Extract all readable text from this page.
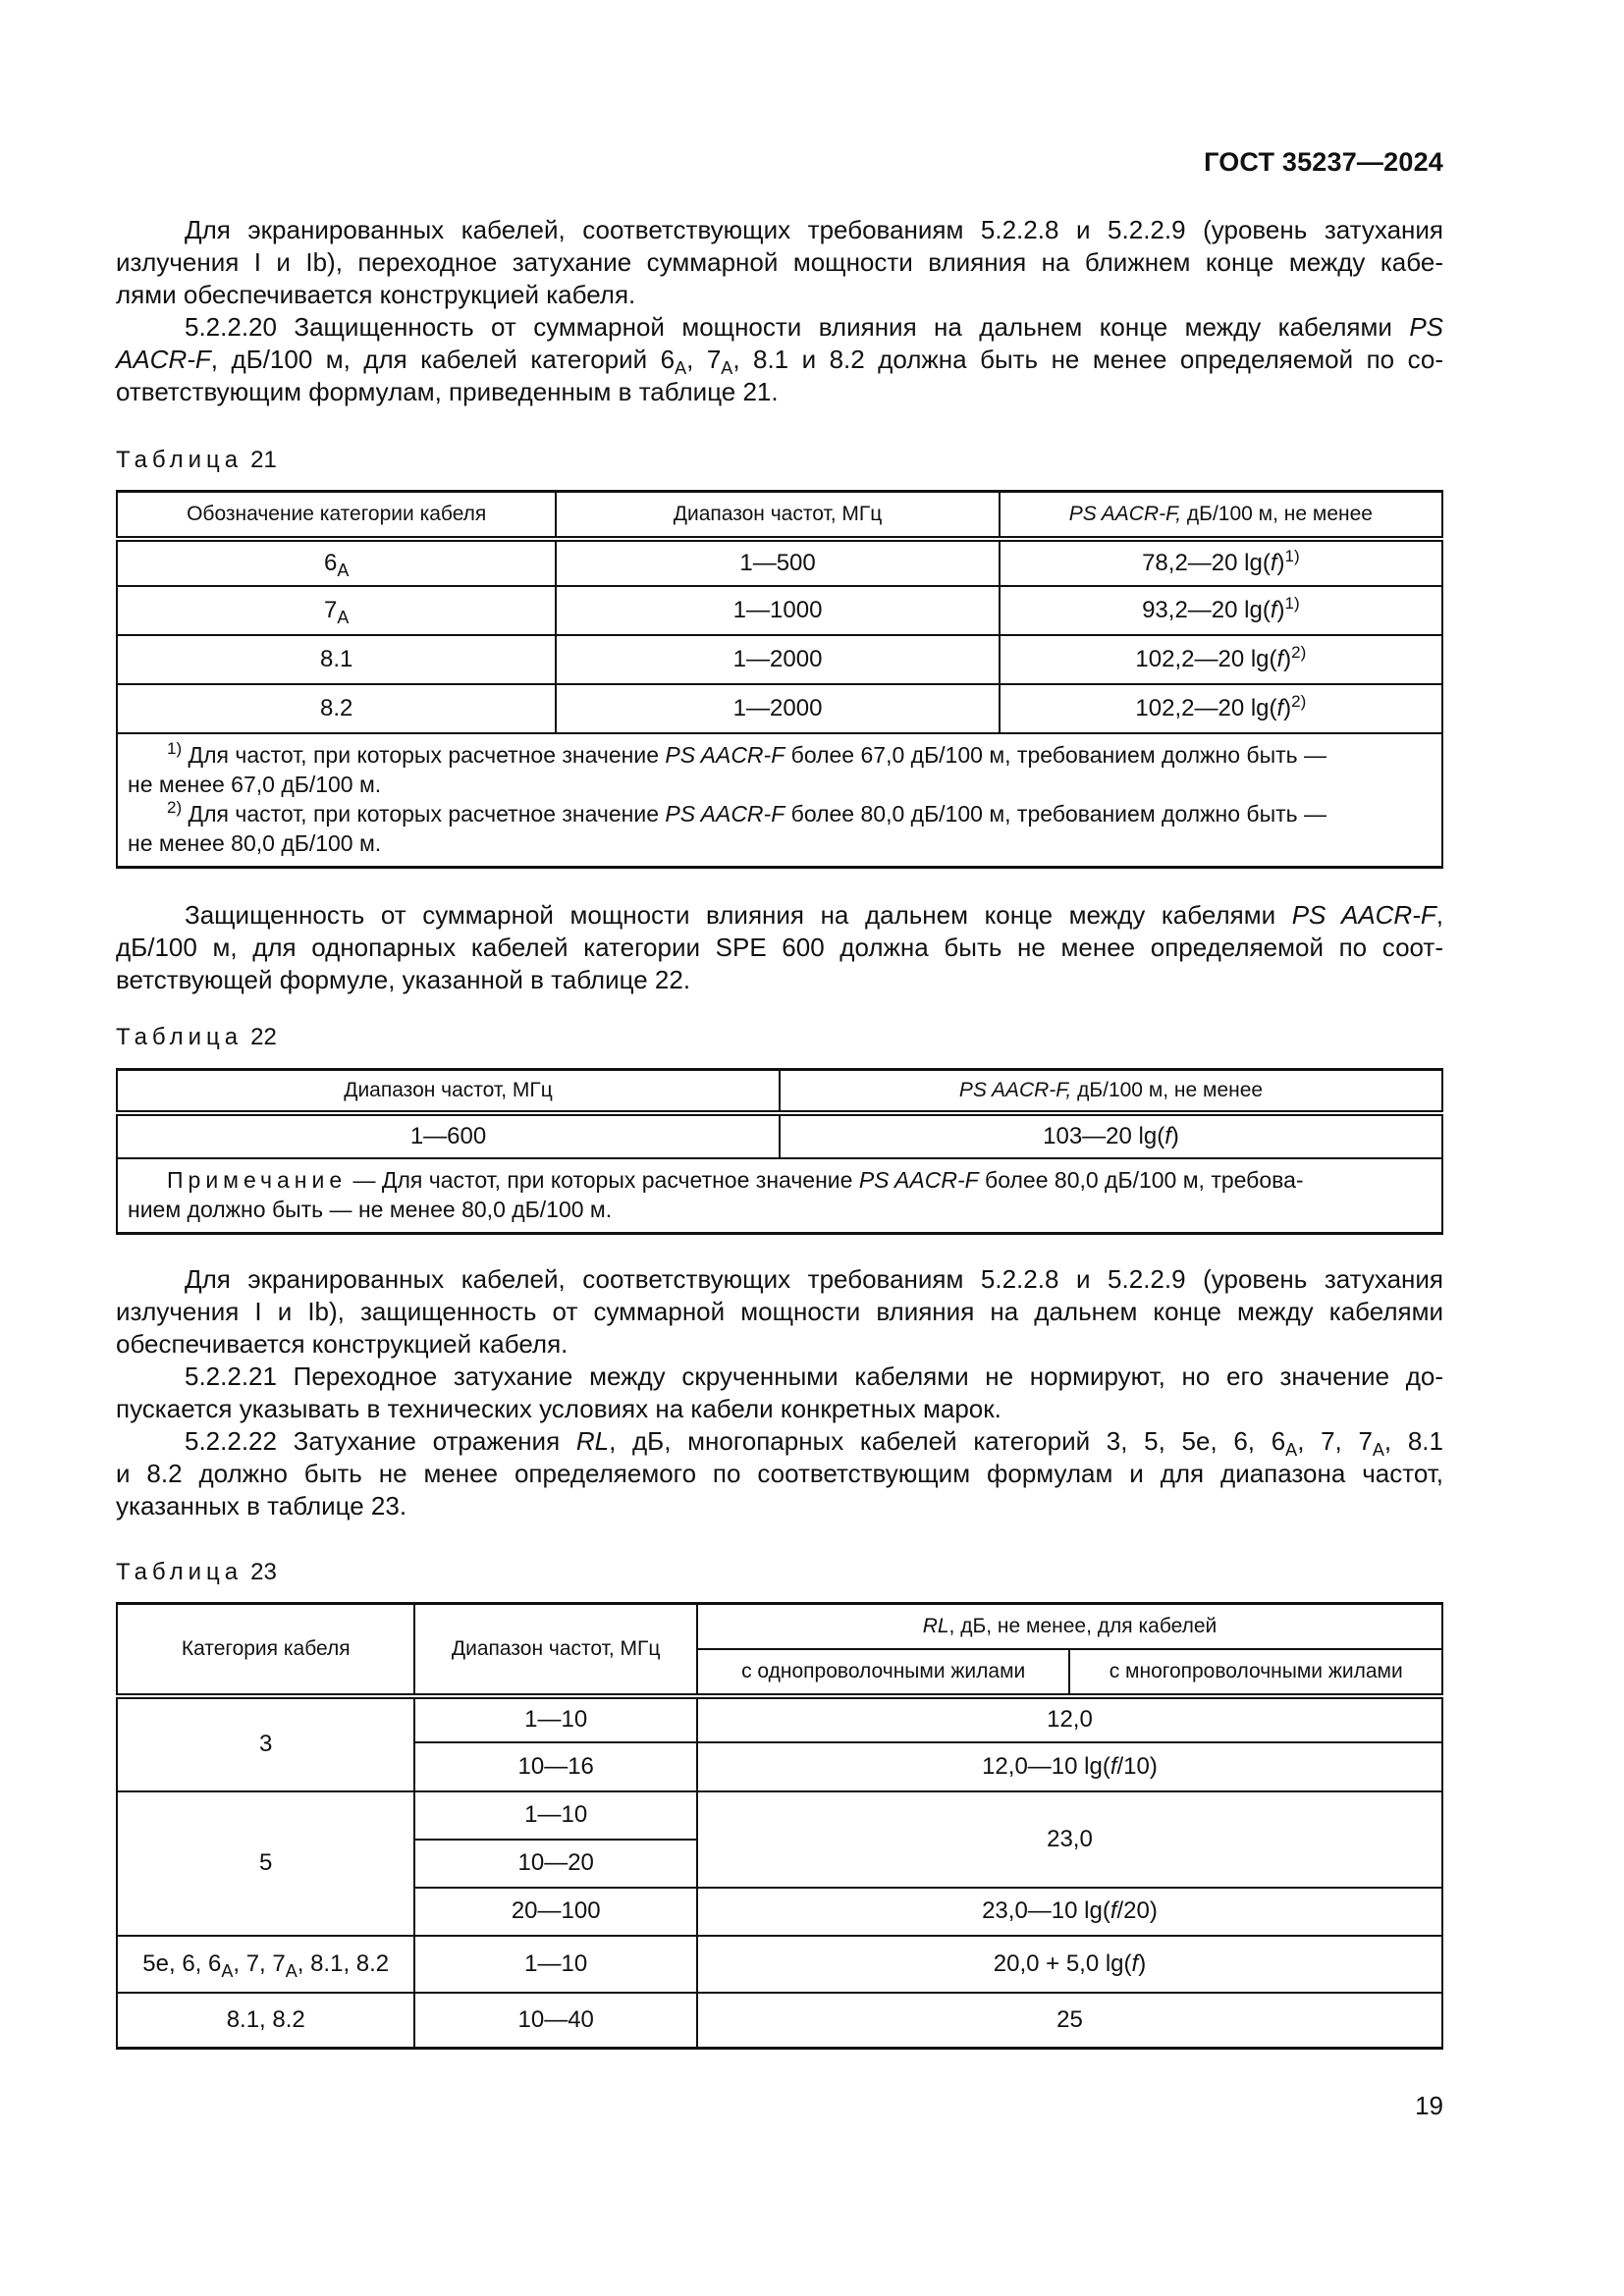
ГОСТ 35237—2024
Для экранированных кабелей, соответствующих требованиям 5.2.2.8 и 5.2.2.9 (уровень затухания
излучения I и Ib), переходное затухание суммарной мощности влияния на ближнем конце между кабе-
лями обеспечивается конструкцией кабеля.
5.2.2.20 Защищенность от суммарной мощности влияния на дальнем конце между кабелями PS
AACR-F, дБ/100 м, для кабелей категорий $6_A$, $7_A$, 8.1 и 8.2 должна быть не менее определяемой по со-
ответствующим формулам, приведенным в таблице 21.
Таблица 21
Обозначение категории кабеля	Диапазон частот, МГц	PS AACR-F, дБ/100 м, не менее
$6_A$	1—500	78,2—20 $\lg(f)^{1)}$
$7_A$	1—1000	93,2—20 $\lg(f)^{1)}$
8.1	1—2000	102,2—20 $\lg(f)^{2)}$
8.2	1—2000	102,2—20 $\lg(f)^{2)}$

$^{1)}$ Для частот, при которых расчетное значение PS AACR-F более 67,0 дБ/100 м, требованием должно быть —
не менее 67,0 дБ/100 м.
$^{2)}$ Для частот, при которых расчетное значение PS AACR-F более 80,0 дБ/100 м, требованием должно быть —
не менее 80,0 дБ/100 м.		
Защищенность от суммарной мощности влияния на дальнем конце между кабелями PS AACR-F,
дБ/100 м, для однопарных кабелей категории SPE 600 должна быть не менее определяемой по соот-
ветствующей формуле, указанной в таблице 22.
Таблица 22
Диапазон частот, МГц	PS AACR-F, дБ/100 м, не менее
1—600	103—20 lg(f)

Примечание — Для частот, при которых расчетное значение PS AACR-F более 80,0 дБ/100 м, требова-
нием должно быть — не менее 80,0 дБ/100 м.	
Для экранированных кабелей, соответствующих требованиям 5.2.2.8 и 5.2.2.9 (уровень затухания
излучения I и Ib), защищенность от суммарной мощности влияния на дальнем конце между кабелями
обеспечивается конструкцией кабеля.
5.2.2.21 Переходное затухание между скрученными кабелями не нормируют, но его значение до-
пускается указывать в технических условиях на кабели конкретных марок.
5.2.2.22 Затухание отражения RL, дБ, многопарных кабелей категорий 3, 5, 5е, 6, $6_A$, 7, $7_A$, 8.1
и 8.2 должно быть не менее определяемого по соответствующим формулам и для диапазона частот,
указанных в таблице 23.
Таблица 23
Категория кабеля	Диапазон частот, МГц	RL, дБ, не менее, для кабелей	
		с однопроволочными жилами	с многопроволочными жилами
3	1—10	12,0	
	10—16	12,0—10 lg(f/10)	
5	1—10	23,0	
	10—20		
	20—100	23,0—10 lg(f/20)	
5е, 6, $6_A$, 7, $7_A$, 8.1, 8.2	1—10	20,0 + 5,0 lg(f)	
8.1, 8.2	10—40	25	
19
